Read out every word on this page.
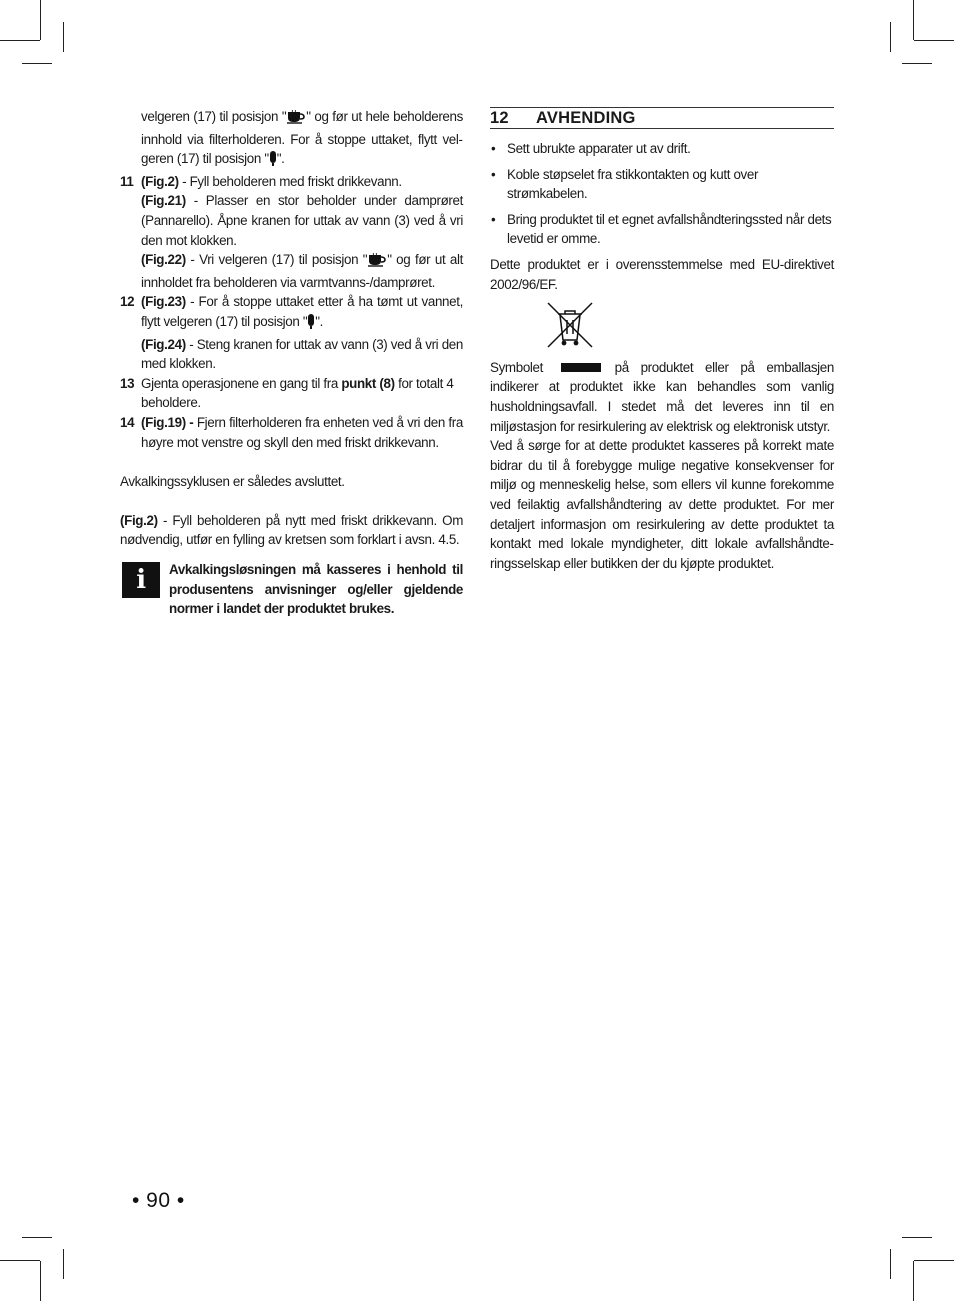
velgeren (17) til posisjon " " og før ut hele beholderens innhold via filterholderen. For å stoppe uttaket, flytt velgeren (17) til posisjon " ".

11 (Fig.2) - Fyll beholderen med friskt drikkevann.

(Fig.21) - Plasser en stor beholder under damprøret (Pannarello). Åpne kranen for uttak av vann (3) ved å vri den mot klokken.

(Fig.22) - Vri velgeren (17) til posisjon " " og før ut alt innholdet fra beholderen via varmtvanns-/damprøret.

12 (Fig.23) - For å stoppe uttaket etter å ha tømt ut vannet, flytt velgeren (17) til posisjon " ".

(Fig.24) - Steng kranen for uttak av vann (3) ved å vri den med klokken.

13 Gjenta operasjonene en gang til fra punkt (8) for totalt 4 beholdere.

14 (Fig.19) - Fjern filterholderen fra enheten ved å vri den fra høyre mot venstre og skyll den med friskt drikkevann.

Avkalkingssyklusen er således avsluttet.

(Fig.2) - Fyll beholderen på nytt med friskt drikkevann. Om nødvendig, utfør en fylling av kretsen som forklart i avsn. 4.5.

i	Avkalkingsløsningen må kasseres i henhold til produsentens anvisninger og/eller gjeldende normer i landet der produktet brukes.

12 AVHENDING
• Sett ubrukte apparater ut av drift.
• Koble støpselet fra stikkontakten og kutt over strømkabelen.
• Bring produktet til et egnet avfallshåndteringssted når dets levetid er omme.

Dette produktet er i overensstemmelse med EU-direktivet 2002/96/EF.

Symbolet	på produktet eller på emballasjen indikerer at produktet ikke kan behandles som vanlig husholdningsavfall. I stedet må det leveres inn til en miljøstasjon for resirkulering av elektrisk og elektronisk utstyr.

Ved å sørge for at dette produktet kasseres på korrekt mate bidrar du til å forebygge mulige negative konsekvenser for miljø og menneskelig helse, som ellers vil kunne forekomme ved feilaktig avfallshåndtering av dette produktet. For mer detaljert informasjon om resirkulering av dette produktet ta kontakt med lokale myndigheter, ditt lokale avfallshåndteringsselskap eller butikken der du kjøpte produktet.

• 90 •
